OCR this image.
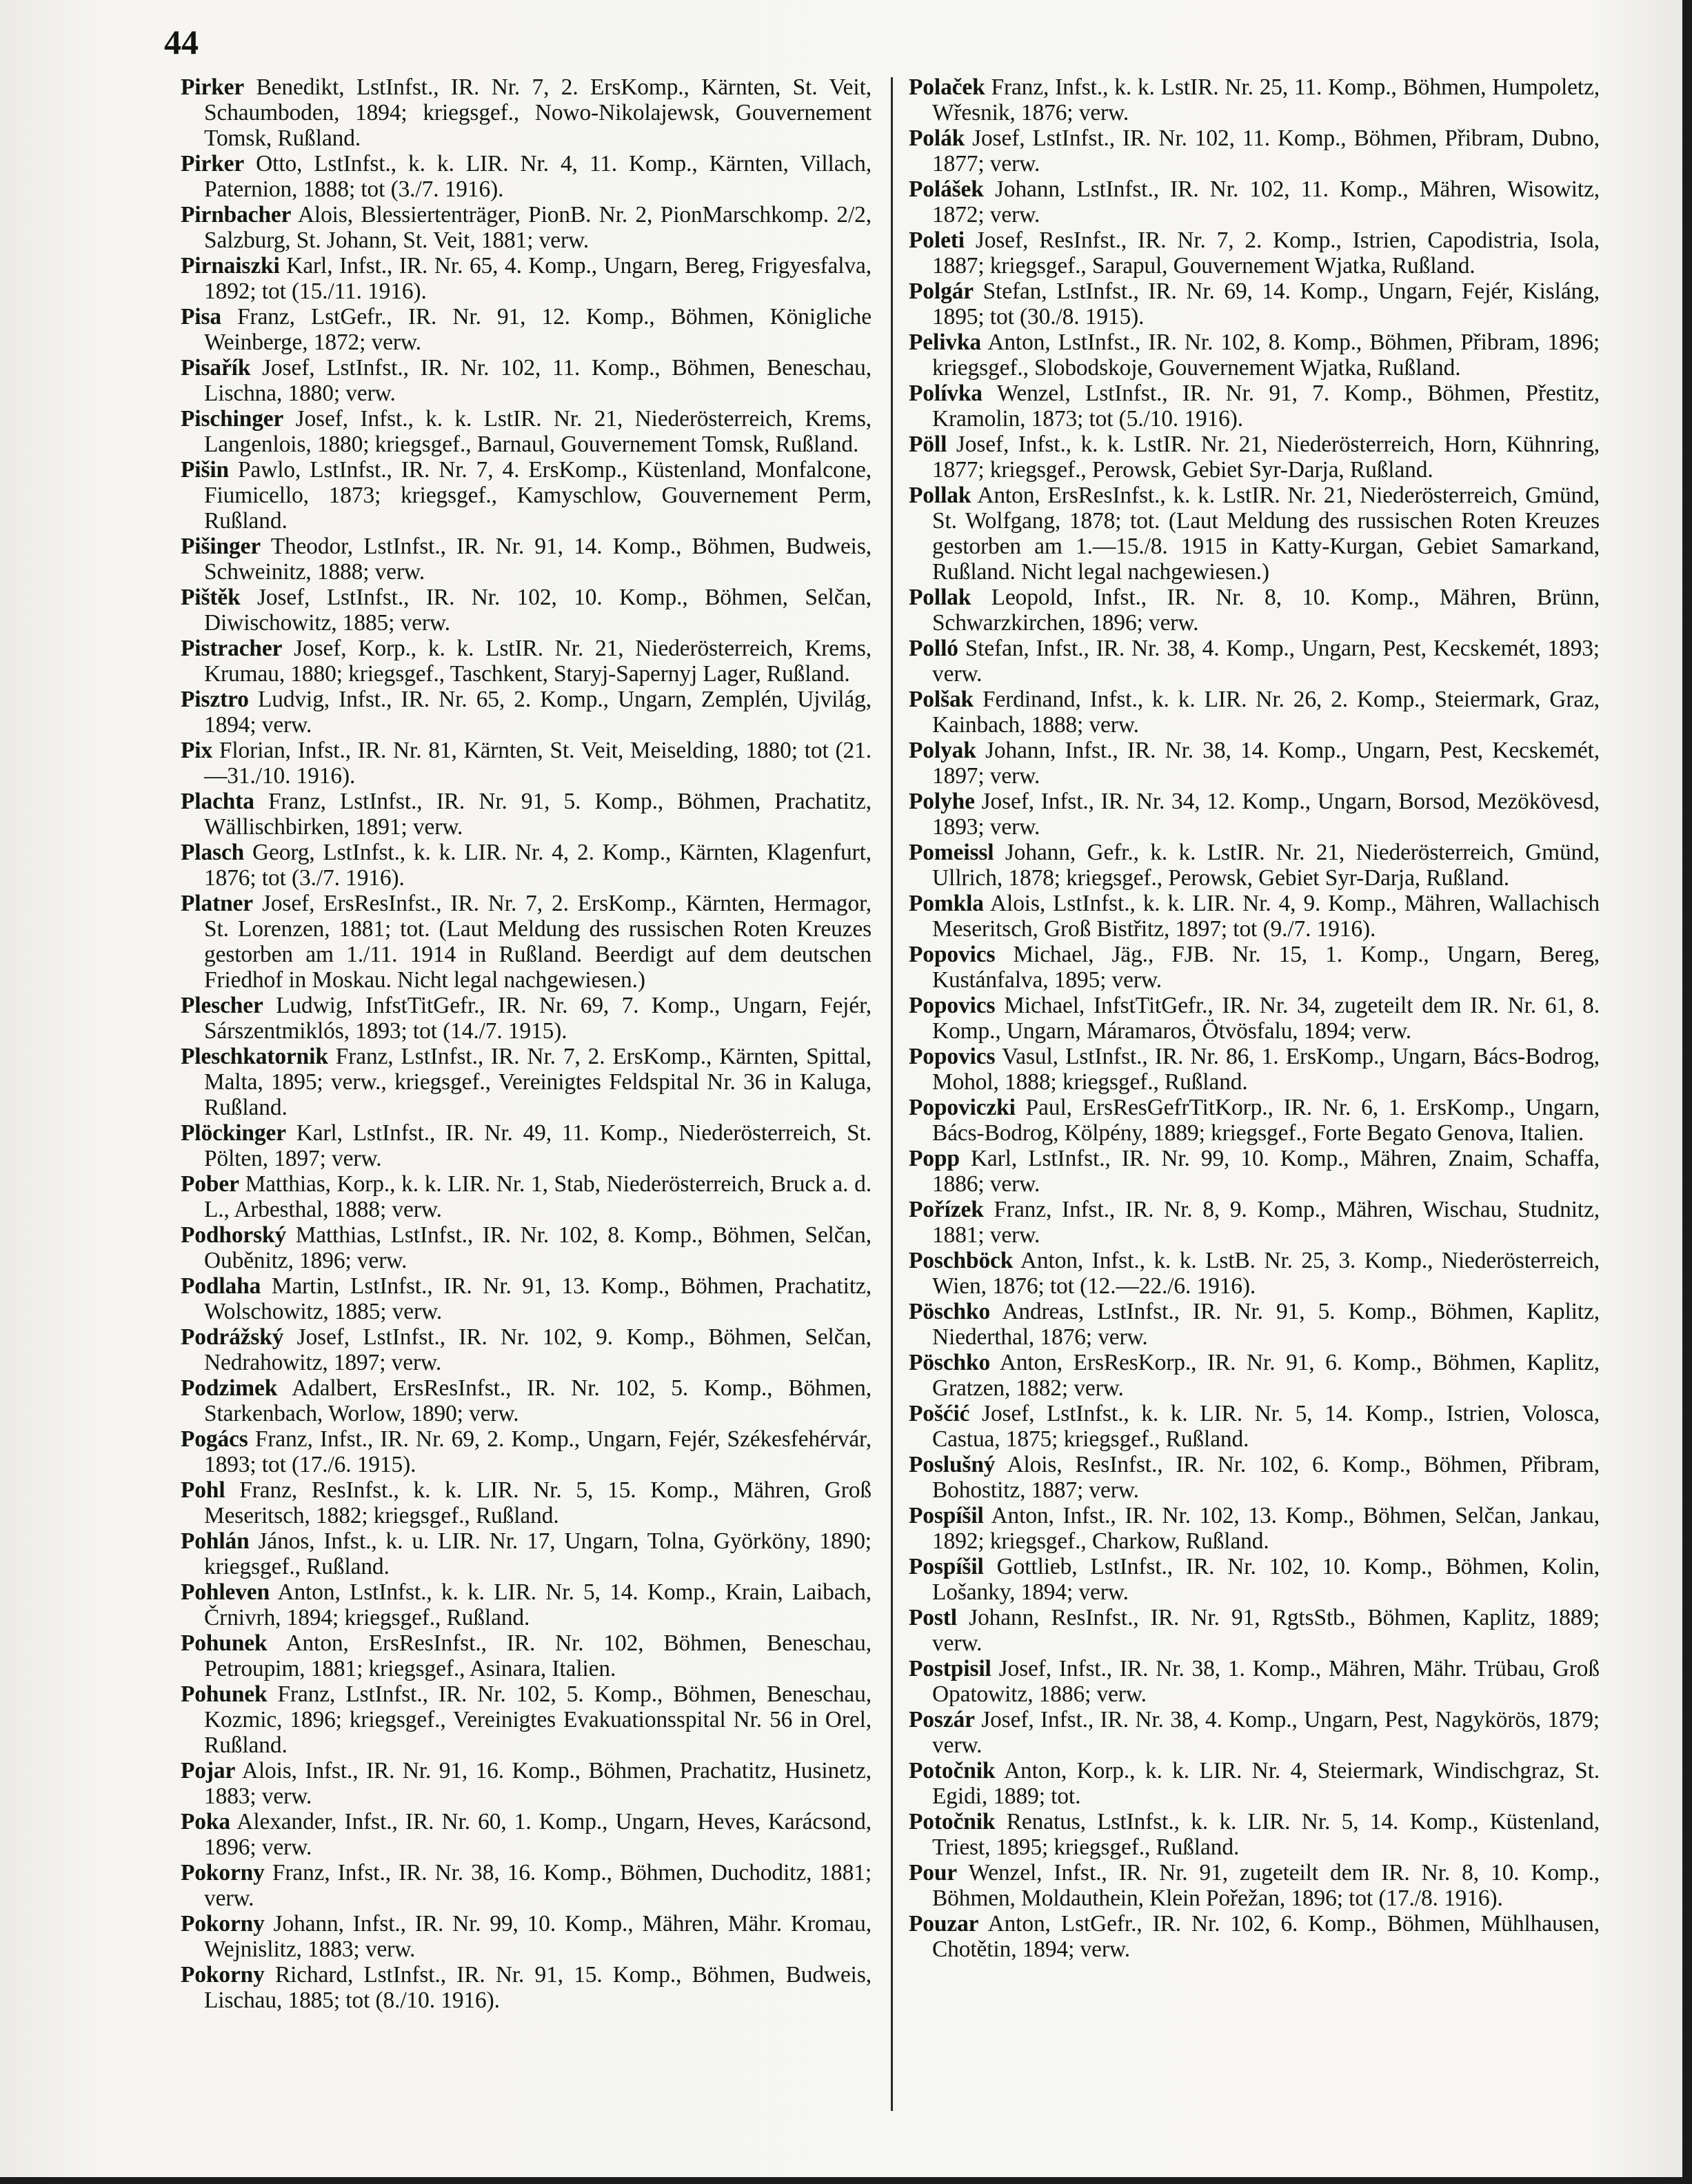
44

Pirker Benedikt, LstInfst., IR. Nr. 7, 2. ErsKomp., Kärnten, St. Veit, Schaumboden, 1894; kriegsgef., Nowo-Nikolajewsk, Gouvernement Tomsk, Rußland.

Pirker Otto, LstInfst., k. k. LIR. Nr. 4, 11. Komp., Kärnten, Villach, Paternion, 1888; tot (3./7. 1916).

Pirnbacher Alois, Blessiertenträger, PionB. Nr. 2, PionMarschkomp. 2/2, Salzburg, St. Johann, St. Veit, 1881; verw.

Pirnaiszki Karl, Infst., IR. Nr. 65, 4. Komp., Ungarn, Bereg, Frigyesfalva, 1892; tot (15./11. 1916).

Pisa Franz, LstGefr., IR. Nr. 91, 12. Komp., Böhmen, Königliche Weinberge, 1872; verw.

Pisařík Josef, LstInfst., IR. Nr. 102, 11. Komp., Böhmen, Beneschau, Lischna, 1880; verw.

Pischinger Josef, Infst., k. k. LstIR. Nr. 21, Niederösterreich, Krems, Langenlois, 1880; kriegsgef., Barnaul, Gouvernement Tomsk, Rußland.

Pišin Pawlo, LstInfst., IR. Nr. 7, 4. ErsKomp., Küstenland, Monfalcone, Fiumicello, 1873; kriegsgef., Kamyschlow, Gouvernement Perm, Rußland.

Pišinger Theodor, LstInfst., IR. Nr. 91, 14. Komp., Böhmen, Budweis, Schweinitz, 1888; verw.

Pištěk Josef, LstInfst., IR. Nr. 102, 10. Komp., Böhmen, Selčan, Diwischowitz, 1885; verw.

Pistracher Josef, Korp., k. k. LstIR. Nr. 21, Niederösterreich, Krems, Krumau, 1880; kriegsgef., Taschkent, Staryj-Sapernyj Lager, Rußland.

Pisztro Ludvig, Infst., IR. Nr. 65, 2. Komp., Ungarn, Zemplén, Ujvilág, 1894; verw.

Pix Florian, Infst., IR. Nr. 81, Kärnten, St. Veit, Meiselding, 1880; tot (21.—31./10. 1916).

Plachta Franz, LstInfst., IR. Nr. 91, 5. Komp., Böhmen, Prachatitz, Wällischbirken, 1891; verw.

Plasch Georg, LstInfst., k. k. LIR. Nr. 4, 2. Komp., Kärnten, Klagenfurt, 1876; tot (3./7. 1916).

Platner Josef, ErsResInfst., IR. Nr. 7, 2. ErsKomp., Kärnten, Hermagor, St. Lorenzen, 1881; tot. (Laut Meldung des russischen Roten Kreuzes gestorben am 1./11. 1914 in Rußland. Beerdigt auf dem deutschen Friedhof in Moskau. Nicht legal nachgewiesen.)

Plescher Ludwig, InfstTitGefr., IR. Nr. 69, 7. Komp., Ungarn, Fejér, Sárszentmiklós, 1893; tot (14./7. 1915).

Pleschkatornik Franz, LstInfst., IR. Nr. 7, 2. ErsKomp., Kärnten, Spittal, Malta, 1895; verw., kriegsgef., Vereinigtes Feldspital Nr. 36 in Kaluga, Rußland.

Plöckinger Karl, LstInfst., IR. Nr. 49, 11. Komp., Niederösterreich, St. Pölten, 1897; verw.

Pober Matthias, Korp., k. k. LIR. Nr. 1, Stab, Niederösterreich, Bruck a. d. L., Arbesthal, 1888; verw.

Podhorský Matthias, LstInfst., IR. Nr. 102, 8. Komp., Böhmen, Selčan, Ouběnitz, 1896; verw.

Podlaha Martin, LstInfst., IR. Nr. 91, 13. Komp., Böhmen, Prachatitz, Wolschowitz, 1885; verw.

Podrážský Josef, LstInfst., IR. Nr. 102, 9. Komp., Böhmen, Selčan, Nedrahowitz, 1897; verw.

Podzimek Adalbert, ErsResInfst., IR. Nr. 102, 5. Komp., Böhmen, Starkenbach, Worlow, 1890; verw.

Pogács Franz, Infst., IR. Nr. 69, 2. Komp., Ungarn, Fejér, Székesfehérvár, 1893; tot (17./6. 1915).

Pohl Franz, ResInfst., k. k. LIR. Nr. 5, 15. Komp., Mähren, Groß Meseritsch, 1882; kriegsgef., Rußland.

Pohlán János, Infst., k. u. LIR. Nr. 17, Ungarn, Tolna, Györköny, 1890; kriegsgef., Rußland.

Pohleven Anton, LstInfst., k. k. LIR. Nr. 5, 14. Komp., Krain, Laibach, Črnivrh, 1894; kriegsgef., Rußland.

Pohunek Anton, ErsResInfst., IR. Nr. 102, Böhmen, Beneschau, Petroupim, 1881; kriegsgef., Asinara, Italien.

Pohunek Franz, LstInfst., IR. Nr. 102, 5. Komp., Böhmen, Beneschau, Kozmic, 1896; kriegsgef., Vereinigtes Evakuationsspital Nr. 56 in Orel, Rußland.

Pojar Alois, Infst., IR. Nr. 91, 16. Komp., Böhmen, Prachatitz, Husinetz, 1883; verw.

Poka Alexander, Infst., IR. Nr. 60, 1. Komp., Ungarn, Heves, Karácsond, 1896; verw.

Pokorny Franz, Infst., IR. Nr. 38, 16. Komp., Böhmen, Duchoditz, 1881; verw.

Pokorny Johann, Infst., IR. Nr. 99, 10. Komp., Mähren, Mähr. Kromau, Wejnislitz, 1883; verw.

Pokorny Richard, LstInfst., IR. Nr. 91, 15. Komp., Böhmen, Budweis, Lischau, 1885; tot (8./10. 1916).

Polaček Franz, Infst., k. k. LstIR. Nr. 25, 11. Komp., Böhmen, Humpoletz, Wřesnik, 1876; verw.

Polák Josef, LstInfst., IR. Nr. 102, 11. Komp., Böhmen, Přibram, Dubno, 1877; verw.

Polášek Johann, LstInfst., IR. Nr. 102, 11. Komp., Mähren, Wisowitz, 1872; verw.

Poleti Josef, ResInfst., IR. Nr. 7, 2. Komp., Istrien, Capodistria, Isola, 1887; kriegsgef., Sarapul, Gouvernement Wjatka, Rußland.

Polgár Stefan, LstInfst., IR. Nr. 69, 14. Komp., Ungarn, Fejér, Kisláng, 1895; tot (30./8. 1915).

Pelivka Anton, LstInfst., IR. Nr. 102, 8. Komp., Böhmen, Přibram, 1896; kriegsgef., Slobodskoje, Gouvernement Wjatka, Rußland.

Polívka Wenzel, LstInfst., IR. Nr. 91, 7. Komp., Böhmen, Přestitz, Kramolin, 1873; tot (5./10. 1916).

Pöll Josef, Infst., k. k. LstIR. Nr. 21, Niederösterreich, Horn, Kühnring, 1877; kriegsgef., Perowsk, Gebiet Syr-Darja, Rußland.

Pollak Anton, ErsResInfst., k. k. LstIR. Nr. 21, Niederösterreich, Gmünd, St. Wolfgang, 1878; tot. (Laut Meldung des russischen Roten Kreuzes gestorben am 1.—15./8. 1915 in Katty-Kurgan, Gebiet Samarkand, Rußland. Nicht legal nachgewiesen.)

Pollak Leopold, Infst., IR. Nr. 8, 10. Komp., Mähren, Brünn, Schwarzkirchen, 1896; verw.

Polló Stefan, Infst., IR. Nr. 38, 4. Komp., Ungarn, Pest, Kecskemét, 1893; verw.

Polšak Ferdinand, Infst., k. k. LIR. Nr. 26, 2. Komp., Steiermark, Graz, Kainbach, 1888; verw.

Polyak Johann, Infst., IR. Nr. 38, 14. Komp., Ungarn, Pest, Kecskemét, 1897; verw.

Polyhe Josef, Infst., IR. Nr. 34, 12. Komp., Ungarn, Borsod, Mezökövesd, 1893; verw.

Pomeissl Johann, Gefr., k. k. LstIR. Nr. 21, Niederösterreich, Gmünd, Ullrich, 1878; kriegsgef., Perowsk, Gebiet Syr-Darja, Rußland.

Pomkla Alois, LstInfst., k. k. LIR. Nr. 4, 9. Komp., Mähren, Wallachisch Meseritsch, Groß Bistřitz, 1897; tot (9./7. 1916).

Popovics Michael, Jäg., FJB. Nr. 15, 1. Komp., Ungarn, Bereg, Kustánfalva, 1895; verw.

Popovics Michael, InfstTitGefr., IR. Nr. 34, zugeteilt dem IR. Nr. 61, 8. Komp., Ungarn, Máramaros, Ötvösfalu, 1894; verw.

Popovics Vasul, LstInfst., IR. Nr. 86, 1. ErsKomp., Ungarn, Bács-Bodrog, Mohol, 1888; kriegsgef., Rußland.

Popoviczki Paul, ErsResGefrTitKorp., IR. Nr. 6, 1. ErsKomp., Ungarn, Bács-Bodrog, Kölpény, 1889; kriegsgef., Forte Begato Genova, Italien.

Popp Karl, LstInfst., IR. Nr. 99, 10. Komp., Mähren, Znaim, Schaffa, 1886; verw.

Pořízek Franz, Infst., IR. Nr. 8, 9. Komp., Mähren, Wischau, Studnitz, 1881; verw.

Poschböck Anton, Infst., k. k. LstB. Nr. 25, 3. Komp., Niederösterreich, Wien, 1876; tot (12.—22./6. 1916).

Pöschko Andreas, LstInfst., IR. Nr. 91, 5. Komp., Böhmen, Kaplitz, Niederthal, 1876; verw.

Pöschko Anton, ErsResKorp., IR. Nr. 91, 6. Komp., Böhmen, Kaplitz, Gratzen, 1882; verw.

Pošćić Josef, LstInfst., k. k. LIR. Nr. 5, 14. Komp., Istrien, Volosca, Castua, 1875; kriegsgef., Rußland.

Poslušný Alois, ResInfst., IR. Nr. 102, 6. Komp., Böhmen, Přibram, Bohostitz, 1887; verw.

Pospíšil Anton, Infst., IR. Nr. 102, 13. Komp., Böhmen, Selčan, Jankau, 1892; kriegsgef., Charkow, Rußland.

Pospíšil Gottlieb, LstInfst., IR. Nr. 102, 10. Komp., Böhmen, Kolin, Lošanky, 1894; verw.

Postl Johann, ResInfst., IR. Nr. 91, RgtsStb., Böhmen, Kaplitz, 1889; verw.

Postpisil Josef, Infst., IR. Nr. 38, 1. Komp., Mähren, Mähr. Trübau, Groß Opatowitz, 1886; verw.

Poszár Josef, Infst., IR. Nr. 38, 4. Komp., Ungarn, Pest, Nagykörös, 1879; verw.

Potočnik Anton, Korp., k. k. LIR. Nr. 4, Steiermark, Windischgraz, St. Egidi, 1889; tot.

Potočnik Renatus, LstInfst., k. k. LIR. Nr. 5, 14. Komp., Küstenland, Triest, 1895; kriegsgef., Rußland.

Pour Wenzel, Infst., IR. Nr. 91, zugeteilt dem IR. Nr. 8, 10. Komp., Böhmen, Moldauthein, Klein Pořežan, 1896; tot (17./8. 1916).

Pouzar Anton, LstGefr., IR. Nr. 102, 6. Komp., Böhmen, Mühlhausen, Chotětin, 1894; verw.
